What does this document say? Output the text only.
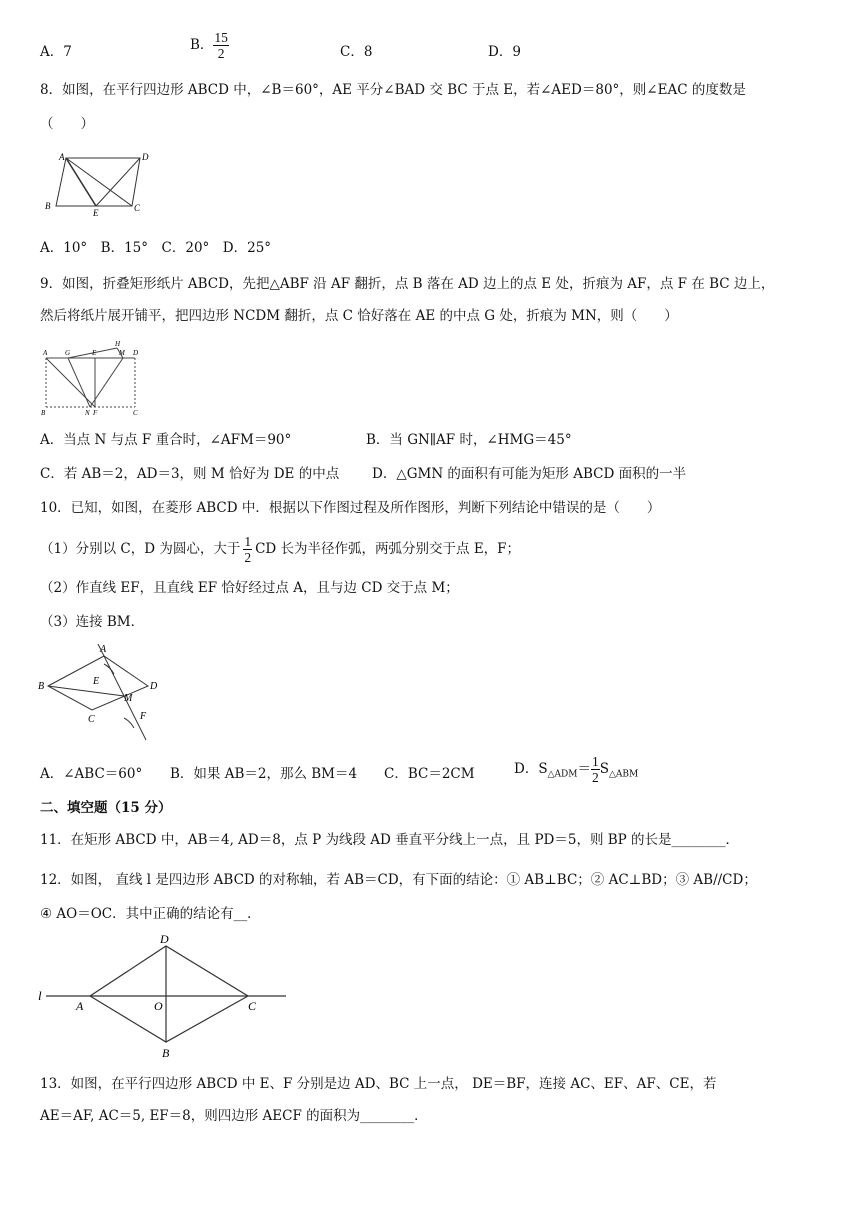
A．7	B． $\frac{15}{2}$	C．8	D．9
8．如图，在平行四边形 ABCD 中，∠B＝60°，AE 平分∠BAD 交 BC 于点 E，若∠AED＝80°，则∠EAC 的度数是
（　　）
A	D
B
E	C
A．10°　B．15°　C．20°　D．25°
9．如图，折叠矩形纸片 ABCD，先把△ABF 沿 AF 翻折，点 B 落在 AD 边上的点 E 处，折痕为 AF，点 F 在 BC 边上，
然后将纸片展开铺平，把四边形 NCDM 翻折，点 C 恰好落在 AE 的中点 G 处，折痕为 MN，则（　　）
A	G	E
H
M D
B	N F	C
A．当点 N 与点 F 重合时，∠AFM＝90°	B．当 GN∥AF 时，∠HMG＝45°
C．若 AB＝2，AD＝3，则 M 恰好为 DE 的中点 D．△GMN 的面积有可能为矩形 ABCD 面积的一半
10．已知，如图，在菱形 ABCD 中．根据以下作图过程及所作图形，判断下列结论中错误的是（　　）
（1）分别以 C，D 为圆心，大于 $\frac{1}{2}$ CD 长为半径作弧，两弧分别交于点 E，F；
（2）作直线 EF，且直线 EF 恰好经过点 A，且与边 CD 交于点 M；
（3）连接 BM．
A
B	E	D
M
C	F
A．∠ABC＝60° B．如果 AB＝2，那么 BM＝4 C．BC＝2CM	D．$S_{\triangle ADM}= \frac{1}{2} S_{\triangle ABM}$
二、填空题（15 分）
11．在矩形 ABCD 中，AB＝4, AD＝8，点 P 为线段 AD 垂直平分线上一点，且 PD＝5，则 BP 的长是________．
12．如图， 直线 l 是四边形 ABCD 的对称轴，若 AB＝CD，有下面的结论：① AB⊥BC；② AC⊥BD；③ AB//CD；
④ AO＝OC．其中正确的结论有__．
l
A	O	C
D
B
13．如图，在平行四边形 ABCD 中 E、F 分别是边 AD、BC 上一点， DE＝BF，连接 AC、EF、AF、CE，若
AE＝AF, AC＝5, EF＝8，则四边形 AECF 的面积为________．
